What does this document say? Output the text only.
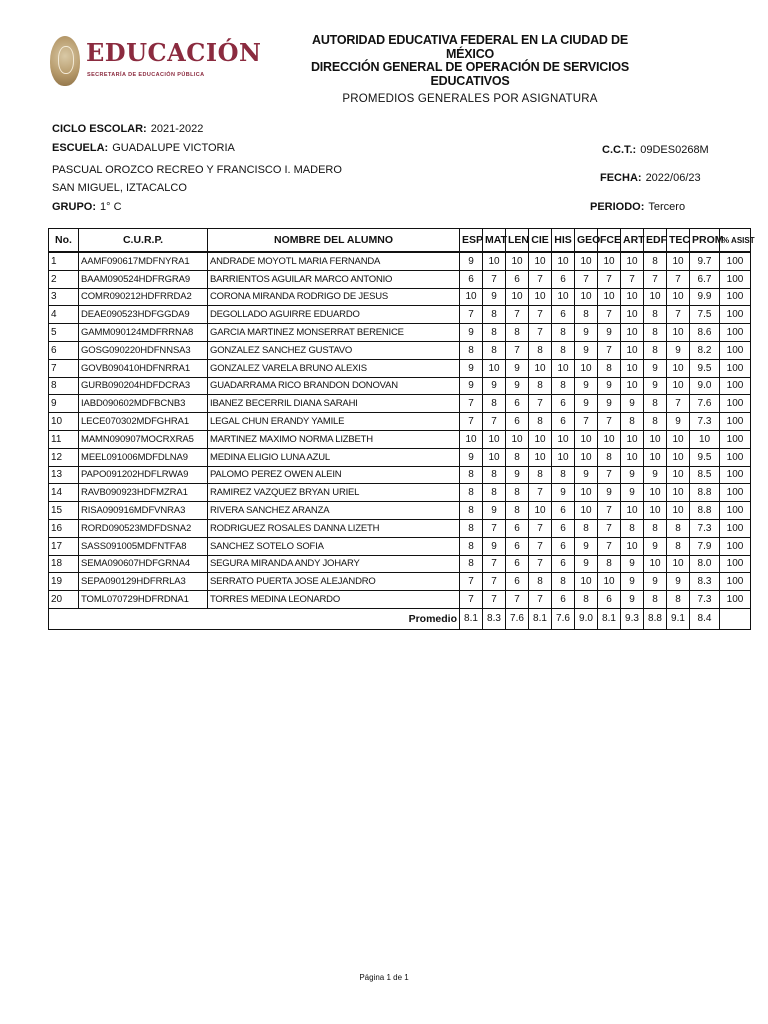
EDUCACIÓN
SECRETARÍA DE EDUCACIÓN PÚBLICA
AUTORIDAD EDUCATIVA FEDERAL EN LA CIUDAD DE MÉXICO
DIRECCIÓN GENERAL DE OPERACIÓN DE SERVICIOS EDUCATIVOS
PROMEDIOS GENERALES POR ASIGNATURA
CICLO ESCOLAR: 2021-2022
ESCUELA: GUADALUPE VICTORIA
PASCUAL OROZCO RECREO Y FRANCISCO I. MADERO
SAN MIGUEL, IZTACALCO
GRUPO: 1° C
C.C.T.: 09DES0268M
FECHA: 2022/06/23
PERIODO: Tercero
No.	C.U.R.P.	NOMBRE DEL ALUMNO	ESP	MAT	LEN	CIE	HIS	GEO	FCE	ART	EDF	TEC	PROM	% ASIST
1	AAMF090617MDFNYRA1	ANDRADE MOYOTL MARIA FERNANDA	9	10	10	10	10	10	10	10	8	10	9.7	100
2	BAAM090524HDFRGRA9	BARRIENTOS AGUILAR MARCO ANTONIO	6	7	6	7	6	7	7	7	7	7	6.7	100
3	COMR090212HDFRRDA2	CORONA MIRANDA RODRIGO DE JESUS	10	9	10	10	10	10	10	10	10	10	9.9	100
4	DEAE090523HDFGGDA9	DEGOLLADO AGUIRRE EDUARDO	7	8	7	7	6	8	7	10	8	7	7.5	100
5	GAMM090124MDFRRNA8	GARCIA MARTINEZ MONSERRAT BERENICE	9	8	8	7	8	9	9	10	8	10	8.6	100
6	GOSG090220HDFNNSA3	GONZALEZ SANCHEZ GUSTAVO	8	8	7	8	8	9	7	10	8	9	8.2	100
7	GOVB090410HDFNRRA1	GONZALEZ VARELA BRUNO ALEXIS	9	10	9	10	10	10	8	10	9	10	9.5	100
8	GURB090204HDFDCRA3	GUADARRAMA RICO BRANDON DONOVAN	9	9	9	8	8	9	9	10	9	10	9.0	100
9	IABD090602MDFBCNB3	IBANEZ BECERRIL DIANA SARAHI	7	8	6	7	6	9	9	9	8	7	7.6	100
10	LECE070302MDFGHRA1	LEGAL CHUN ERANDY YAMILE	7	7	6	8	6	7	7	8	8	9	7.3	100
11	MAMN090907MOCRXRA5	MARTINEZ MAXIMO NORMA LIZBETH	10	10	10	10	10	10	10	10	10	10	10	100
12	MEEL091006MDFDLNA9	MEDINA ELIGIO LUNA AZUL	9	10	8	10	10	10	8	10	10	10	9.5	100
13	PAPO091202HDFLRWA9	PALOMO PEREZ OWEN ALEIN	8	8	9	8	8	9	7	9	9	10	8.5	100
14	RAVB090923HDFMZRA1	RAMIREZ VAZQUEZ BRYAN URIEL	8	8	8	7	9	10	9	9	10	10	8.8	100
15	RISA090916MDFVNRA3	RIVERA SANCHEZ ARANZA	8	9	8	10	6	10	7	10	10	10	8.8	100
16	RORD090523MDFDSNA2	RODRIGUEZ ROSALES DANNA LIZETH	8	7	6	7	6	8	7	8	8	8	7.3	100
17	SASS091005MDFNTFA8	SANCHEZ SOTELO SOFIA	8	9	6	7	6	9	7	10	9	8	7.9	100
18	SEMA090607HDFGRNA4	SEGURA MIRANDA ANDY JOHARY	8	7	6	7	6	9	8	9	10	10	8.0	100
19	SEPA090129HDFRRLA3	SERRATO PUERTA JOSE ALEJANDRO	7	7	6	8	8	10	10	9	9	9	8.3	100
20	TOML070729HDFRDNA1	TORRES MEDINA LEONARDO	7	7	7	7	6	8	6	9	8	8	7.3	100
Promedio			8.1	8.3	7.6	8.1	7.6	9.0	8.1	9.3	8.8	9.1	8.4	
Página 1 de 1
